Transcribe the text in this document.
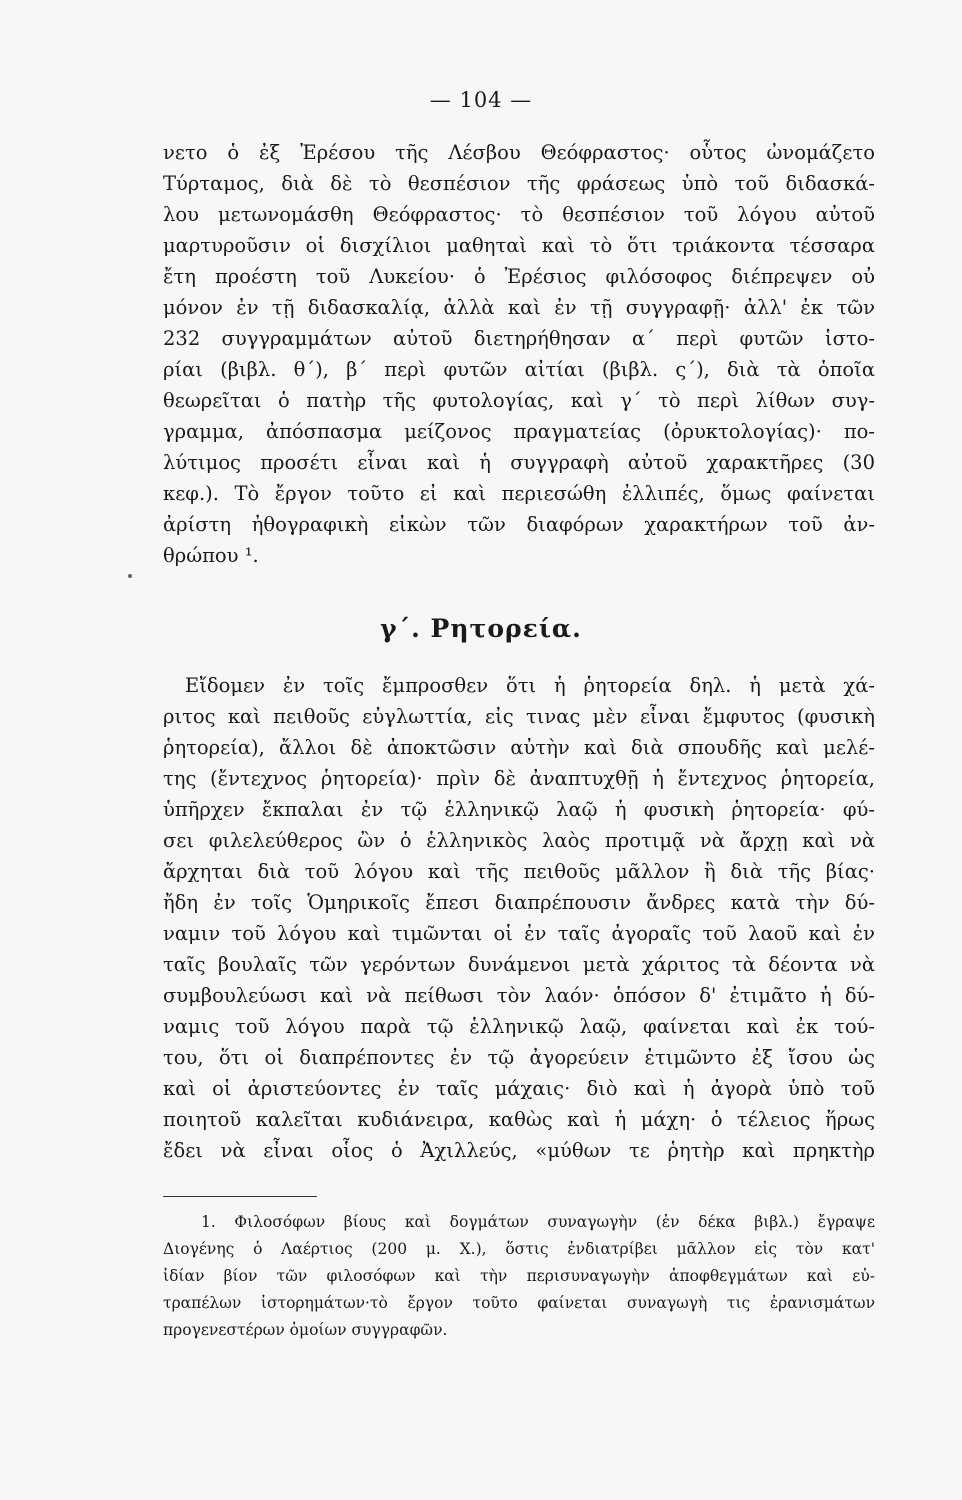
— 104 —
νετο ὁ ἐξ Ἐρέσου τῆς Λέσβου Θεόφραστος· οὗτος ὠνομάζετο
Τύρταμος, διὰ δὲ τὸ θεσπέσιον τῆς φράσεως ὑπὸ τοῦ διδασκά-
λου μετωνομάσθη Θεόφραστος· τὸ θεσπέσιον τοῦ λόγου αὐτοῦ
μαρτυροῦσιν οἱ δισχίλιοι μαθηταὶ καὶ τὸ ὅτι τριάκοντα τέσσαρα
ἔτη προέστη τοῦ Λυκείου· ὁ Ἐρέσιος φιλόσοφος διέπρεψεν οὐ
μόνον ἐν τῇ διδασκαλίᾳ, ἀλλὰ καὶ ἐν τῇ συγγραφῇ· ἀλλ' ἐκ τῶν
232 συγγραμμάτων αὐτοῦ διετηρήθησαν α΄ περὶ φυτῶν ἱστο-
ρίαι (βιβλ. θ΄), β΄ περὶ φυτῶν αἰτίαι (βιβλ. ς΄), διὰ τὰ ὁποῖα
θεωρεῖται ὁ πατὴρ τῆς φυτολογίας, καὶ γ΄ τὸ περὶ λίθων συγ-
γραμμα, ἀπόσπασμα μείζονος πραγματείας (ὀρυκτολογίας)· πο-
λύτιμος προσέτι εἶναι καὶ ἡ συγγραφὴ αὐτοῦ χαρακτῆρες (30
κεφ.). Τὸ ἔργον τοῦτο εἰ καὶ περιεσώθη ἐλλιπές, ὅμως φαίνεται
ἀρίστη ἠθογραφικὴ εἰκὼν τῶν διαφόρων χαρακτήρων τοῦ ἀν-
θρώπου ¹.
γ΄. Ρητορεία.
Εἴδομεν ἐν τοῖς ἔμπροσθεν ὅτι ἡ ῥητορεία δηλ. ἡ μετὰ χά-
ριτος καὶ πειθοῦς εὐγλωττία, εἰς τινας μὲν εἶναι ἔμφυτος (φυσικὴ
ῥητορεία), ἄλλοι δὲ ἀποκτῶσιν αὐτὴν καὶ διὰ σπουδῆς καὶ μελέ-
της (ἔντεχνος ῥητορεία)· πρὶν δὲ ἀναπτυχθῇ ἡ ἔντεχνος ῥητορεία,
ὑπῆρχεν ἔκπαλαι ἐν τῷ ἑλληνικῷ λαῷ ἡ φυσικὴ ῥητορεία· φύ-
σει φιλελεύθερος ὢν ὁ ἑλληνικὸς λαὸς προτιμᾷ νὰ ἄρχῃ καὶ νὰ
ἄρχηται διὰ τοῦ λόγου καὶ τῆς πειθοῦς μᾶλλον ἢ διὰ τῆς βίας·
ἤδη ἐν τοῖς Ὁμηρικοῖς ἔπεσι διαπρέπουσιν ἄνδρες κατὰ τὴν δύ-
ναμιν τοῦ λόγου καὶ τιμῶνται οἱ ἐν ταῖς ἀγοραῖς τοῦ λαοῦ καὶ ἐν
ταῖς βουλαῖς τῶν γερόντων δυνάμενοι μετὰ χάριτος τὰ δέοντα νὰ
συμβουλεύωσι καὶ νὰ πείθωσι τὸν λαόν· ὁπόσον δ' ἐτιμᾶτο ἡ δύ-
ναμις τοῦ λόγου παρὰ τῷ ἑλληνικῷ λαῷ, φαίνεται καὶ ἐκ τού-
του, ὅτι οἱ διαπρέποντες ἐν τῷ ἀγορεύειν ἐτιμῶντο ἐξ ἴσου ὡς
καὶ οἱ ἀριστεύοντες ἐν ταῖς μάχαις· διὸ καὶ ἡ ἀγορὰ ὑπὸ τοῦ
ποιητοῦ καλεῖται κυδιάνειρα, καθὼς καὶ ἡ μάχη· ὁ τέλειος ἥρως
ἔδει νὰ εἶναι οἷος ὁ Ἀχιλλεύς, «μύθων τε ῥητὴρ καὶ πρηκτὴρ
1. Φιλοσόφων βίους καὶ δογμάτων συναγωγὴν (ἐν δέκα βιβλ.) ἔγραψε
Διογένης ὁ Λαέρτιος (200 μ. Χ.), ὅστις ἐνδιατρίβει μᾶλλον εἰς τὸν κατ'
ἰδίαν βίον τῶν φιλοσόφων καὶ τὴν περισυναγωγὴν ἀποφθεγμάτων καὶ εὐ-
τραπέλων ἱστορημάτων·τὸ ἔργον τοῦτο φαίνεται συναγωγὴ τις ἐρανισμάτων
προγενεστέρων ὁμοίων συγγραφῶν.
